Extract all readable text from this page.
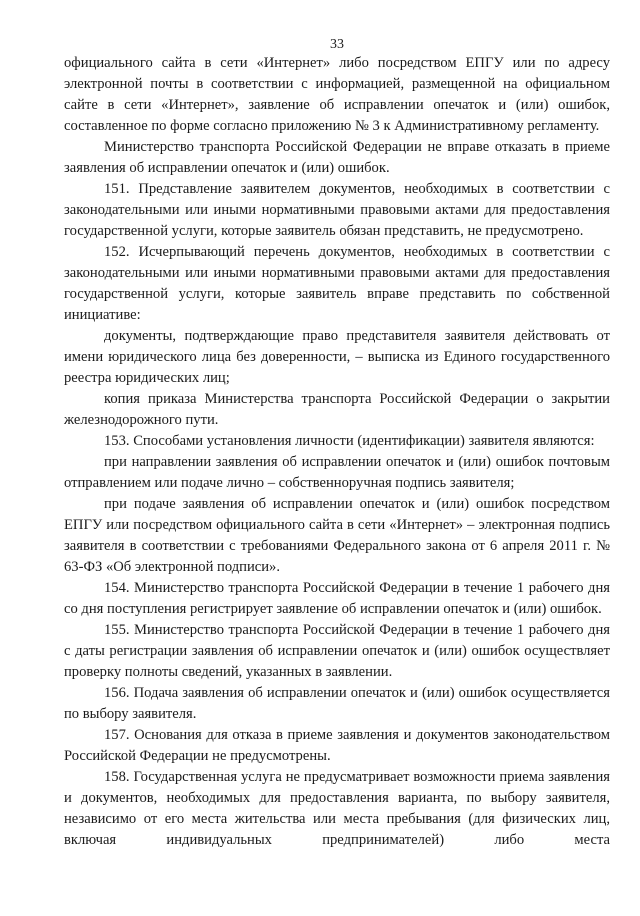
33

официального сайта в сети «Интернет» либо посредством ЕПГУ или по адресу электронной почты в соответствии с информацией, размещенной на официальном сайте в сети «Интернет», заявление об исправлении опечаток и (или) ошибок, составленное по форме согласно приложению № 3 к Административному регламенту.

Министерство транспорта Российской Федерации не вправе отказать в приеме заявления об исправлении опечаток и (или) ошибок.

151. Представление заявителем документов, необходимых в соответствии с законодательными или иными нормативными правовыми актами для предоставления государственной услуги, которые заявитель обязан представить, не предусмотрено.

152. Исчерпывающий перечень документов, необходимых в соответствии с законодательными или иными нормативными правовыми актами для предоставления государственной услуги, которые заявитель вправе представить по собственной инициативе:

документы, подтверждающие право представителя заявителя действовать от имени юридического лица без доверенности, – выписка из Единого государственного реестра юридических лиц;

копия приказа Министерства транспорта Российской Федерации о закрытии железнодорожного пути.

153. Способами установления личности (идентификации) заявителя являются:

при направлении заявления об исправлении опечаток и (или) ошибок почтовым отправлением или подаче лично – собственноручная подпись заявителя;

при подаче заявления об исправлении опечаток и (или) ошибок посредством ЕПГУ или посредством официального сайта в сети «Интернет» – электронная подпись заявителя в соответствии с требованиями Федерального закона от 6 апреля 2011 г. № 63-ФЗ «Об электронной подписи».

154. Министерство транспорта Российской Федерации в течение 1 рабочего дня со дня поступления регистрирует заявление об исправлении опечаток и (или) ошибок.

155. Министерство транспорта Российской Федерации в течение 1 рабочего дня с даты регистрации заявления об исправлении опечаток и (или) ошибок осуществляет проверку полноты сведений, указанных в заявлении.

156. Подача заявления об исправлении опечаток и (или) ошибок осуществляется по выбору заявителя.

157. Основания для отказа в приеме заявления и документов законодательством Российской Федерации не предусмотрены.

158. Государственная услуга не предусматривает возможности приема заявления и документов, необходимых для предоставления варианта, по выбору заявителя, независимо от его места жительства или места пребывания (для физических лиц, включая индивидуальных предпринимателей) либо места
